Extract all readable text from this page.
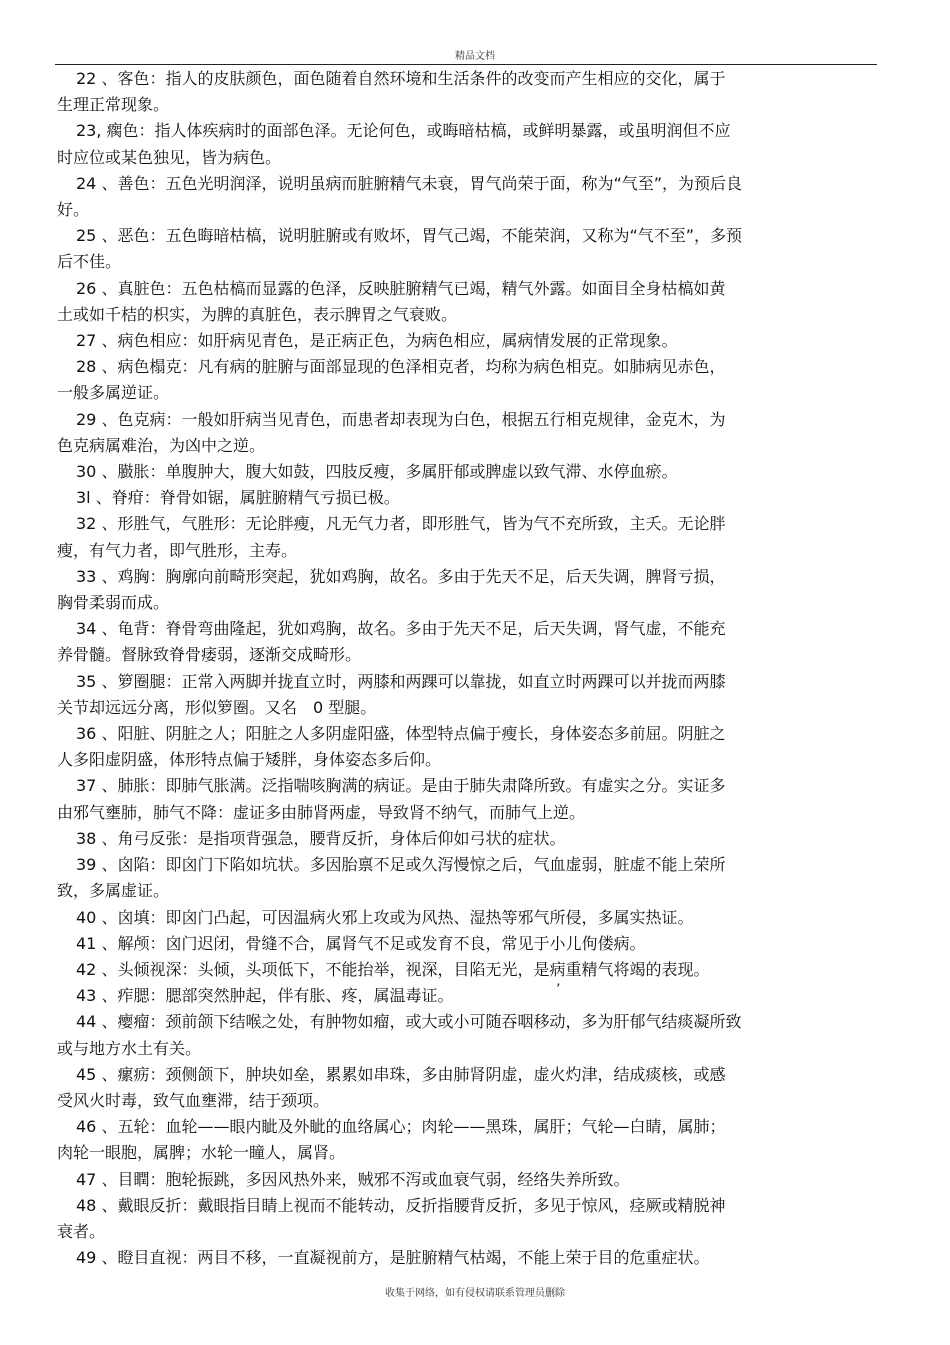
精品文档
22 、客色：指人的皮肤颜色，面色随着自然环境和生活条件的改变而产生相应的交化，属于
生理正常现象。
23, 瘸色：指人体疾病时的面部色泽。无论何色，或晦暗枯槁，或鲜明暴露，或虽明润但不应
时应位或某色独见，皆为病色。
24 、善色：五色光明润泽，说明虽病而脏腑精气未衰，胃气尚荣于面，称为“气至”，为预后良
好。
25 、恶色：五色晦暗枯槁，说明脏腑或有败坏，胃气己竭，不能荣润，又称为“气不至”，多预
后不佳。
26 、真脏色：五色枯槁而显露的色泽，反映脏腑精气已竭，精气外露。如面目全身枯槁如黄
土或如千桔的枳实，为脾的真脏色，表示脾胃之气衰败。
27 、病色相应：如肝病见青色，是正病正色，为病色相应，属病情发展的正常现象。
28 、病色榻克：凡有病的脏腑与面部显现的色泽相克者，均称为病色相克。如肺病见赤色，
一般多属逆证。
29 、色克病：一般如肝病当见青色，而患者却表现为白色，根据五行相克规律，金克木，为
色克病属难治，为凶中之逆。
30 、臌胀：单腹肿大，腹大如鼓，四肢反瘦，多属肝郁或脾虚以致气滞、水停血瘀。
3l 、脊疳：脊骨如锯，属脏腑精气亏损已极。
32 、形胜气，气胜形：无论胖瘦，凡无气力者，即形胜气，皆为气不充所致，主夭。无论胖
瘦，有气力者，即气胜形，主寿。
33 、鸡胸：胸廓向前畸形突起，犹如鸡胸，故名。多由于先天不足，后天失调，脾肾亏损，
胸骨柔弱而成。
34 、龟背：脊骨弯曲隆起，犹如鸡胸，故名。多由于先天不足，后天失调，肾气虚，不能充
养骨髓。督脉致脊骨痿弱，逐渐交成畸形。
35 、箩圈腿：正常入两脚并拢直立时，两膝和两踝可以靠拢，如直立时两踝可以并拢而两膝
关节却远远分离，形似箩圈。又名　0 型腿。
36 、阳脏、阴脏之人；阳脏之人多阴虚阳盛，体型特点偏于瘦长，身体姿态多前屈。阴脏之
人多阳虚阴盛，体形特点偏于矮胖，身体姿态多后仰。
37 、肺胀：即肺气胀满。泛指喘咳胸满的病证。是由于肺失肃降所致。有虚实之分。实证多
由邪气壅肺，肺气不降：虚证多由肺肾两虚，导致肾不纳气，而肺气上逆。
38 、角弓反张：是指项背强急，腰背反折，身体后仰如弓状的症状。
39 、囟陷：即囟门下陷如坑状。多因胎禀不足或久泻慢惊之后，气血虚弱，脏虚不能上荣所
致，多属虚证。
40 、囟填：即囟门凸起，可因温病火邪上攻或为风热、湿热等邪气所侵，多属实热证。
41 、解颅：囟门迟闭，骨缝不合，属肾气不足或发育不良，常见于小儿佝偻病。
42 、头倾视深：头倾，头项低下，不能抬举，视深，目陷无光，是病重精气将竭的表现。
43 、痄腮：腮部突然肿起，伴有胀、疼，属温毒证。
44 、瘿瘤：颈前颌下结喉之处，有肿物如瘤，或大或小可随吞咽移动，多为肝郁气结痰凝所致
或与地方水土有关。
45 、瘰疬：颈侧颌下，肿块如垒，累累如串珠，多由肺肾阴虚，虚火灼津，结成痰核，或感
受风火时毒，致气血壅滞，结于颈项。
46 、五轮：血轮——眼内眦及外眦的血络属心；肉轮——黑珠，属肝；气轮—白睛，属肺；
肉轮一眼胞，属脾；水轮一瞳人，属肾。
47 、目瞤：胞轮振跳，多因风热外来，贼邪不泻或血衰气弱，经络失养所致。
48 、戴眼反折：戴眼指目睛上视而不能转动，反折指腰背反折，多见于惊风，痉厥或精脱神
衰者。
49 、瞪目直视：两目不移，一直凝视前方，是脏腑精气枯竭，不能上荣于目的危重症状。
’
收集于网络，如有侵权请联系管理员删除
